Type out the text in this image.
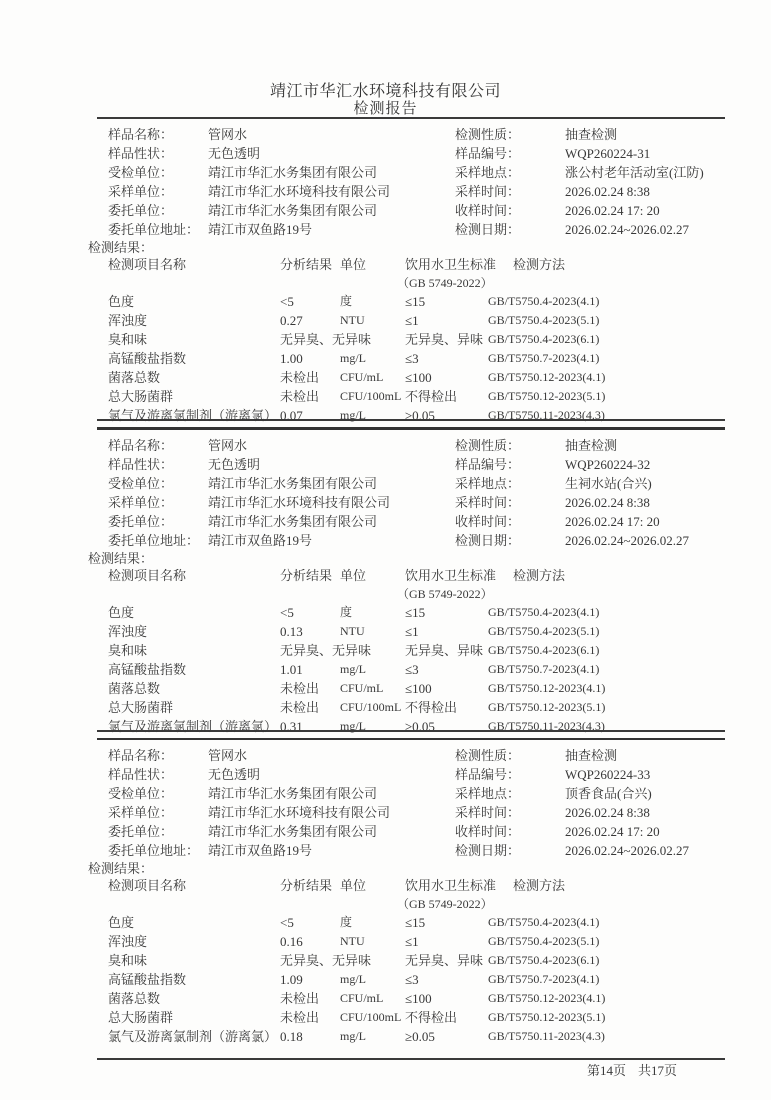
靖江市华汇水环境科技有限公司
检测报告
样品名称：	管网水	检测性质：	抽查检测
样品性状：	无色透明	样品编号：	WQP260224-31
受检单位：	靖江市华汇水务集团有限公司	采样地点：	涨公村老年活动室(江防)
采样单位：	靖江市华汇水环境科技有限公司	采样时间：	2026.02.24 8:38
委托单位：	靖江市华汇水务集团有限公司	收样时间：	2026.02.24 17: 20
委托单位地址： 靖江市双鱼路19号	检测日期：	2026.02.24~2026.02.27
检测结果：
检测项目名称	分析结果 单位	饮用水卫生标准	检测方法
（GB 5749-2022）
色度	<5	度	≤15	GB/T5750.4-2023(4.1)
浑浊度	0.27	NTU	≤1	GB/T5750.4-2023(5.1)
臭和味	无异臭、无异味	无异臭、异味 GB/T5750.4-2023(6.1)
高锰酸盐指数	1.00	mg/L	≤3	GB/T5750.7-2023(4.1)
菌落总数	未检出	CFU/mL	≤100	GB/T5750.12-2023(4.1)
总大肠菌群	未检出	CFU/100mL 不得检出	GB/T5750.12-2023(5.1)
氯气及游离氯制剂（游离氯） 0.07	mg/L	≥0.05	GB/T5750.11-2023(4.3)
样品名称：	管网水	检测性质：	抽查检测
样品性状：	无色透明	样品编号：	WQP260224-32
受检单位：	靖江市华汇水务集团有限公司	采样地点：	生祠水站(合兴)
采样单位：	靖江市华汇水环境科技有限公司	采样时间：	2026.02.24 8:38
委托单位：	靖江市华汇水务集团有限公司	收样时间：	2026.02.24 17: 20
委托单位地址： 靖江市双鱼路19号	检测日期：	2026.02.24~2026.02.27
检测结果：
检测项目名称	分析结果 单位	饮用水卫生标准	检测方法
（GB 5749-2022）
色度	<5	度	≤15	GB/T5750.4-2023(4.1)
浑浊度	0.13	NTU	≤1	GB/T5750.4-2023(5.1)
臭和味	无异臭、无异味	无异臭、异味 GB/T5750.4-2023(6.1)
高锰酸盐指数	1.01	mg/L	≤3	GB/T5750.7-2023(4.1)
菌落总数	未检出	CFU/mL	≤100	GB/T5750.12-2023(4.1)
总大肠菌群	未检出	CFU/100mL 不得检出	GB/T5750.12-2023(5.1)
氯气及游离氯制剂（游离氯） 0.31	mg/L	≥0.05	GB/T5750.11-2023(4.3)
样品名称：	管网水	检测性质：	抽查检测
样品性状：	无色透明	样品编号：	WQP260224-33
受检单位：	靖江市华汇水务集团有限公司	采样地点：	顶香食品(合兴)
采样单位：	靖江市华汇水环境科技有限公司	采样时间：	2026.02.24 8:38
委托单位：	靖江市华汇水务集团有限公司	收样时间：	2026.02.24 17: 20
委托单位地址： 靖江市双鱼路19号	检测日期：	2026.02.24~2026.02.27
检测结果：
检测项目名称	分析结果 单位	饮用水卫生标准	检测方法
（GB 5749-2022）
色度	<5	度	≤15	GB/T5750.4-2023(4.1)
浑浊度	0.16	NTU	≤1	GB/T5750.4-2023(5.1)
臭和味	无异臭、无异味	无异臭、异味 GB/T5750.4-2023(6.1)
高锰酸盐指数	1.09	mg/L	≤3	GB/T5750.7-2023(4.1)
菌落总数	未检出	CFU/mL	≤100	GB/T5750.12-2023(4.1)
总大肠菌群	未检出	CFU/100mL 不得检出	GB/T5750.12-2023(5.1)
氯气及游离氯制剂（游离氯） 0.18	mg/L	≥0.05	GB/T5750.11-2023(4.3)
第14页 共17页
